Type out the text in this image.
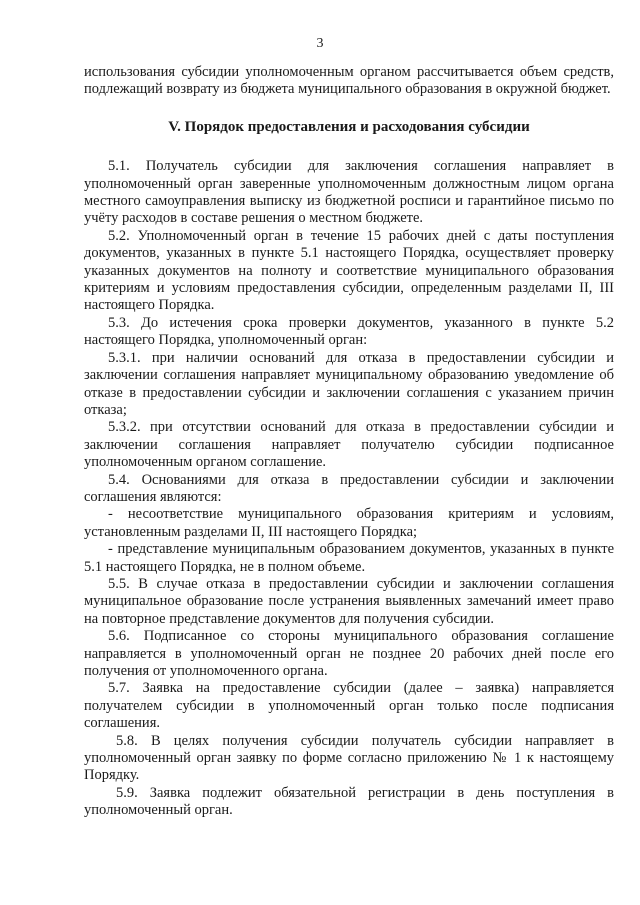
3

использования субсидии уполномоченным органом рассчитывается объем средств, подлежащий возврату из бюджета муниципального образования в окружной бюджет.

V. Порядок предоставления и расходования субсидии

5.1. Получатель субсидии для заключения соглашения направляет в уполномоченный орган заверенные уполномоченным должностным лицом органа местного самоуправления выписку из бюджетной росписи и гарантийное письмо по учёту расходов в составе решения о местном бюджете.

5.2. Уполномоченный орган в течение 15 рабочих дней с даты поступления документов, указанных в пункте 5.1 настоящего Порядка, осуществляет проверку указанных документов на полноту и соответствие муниципального образования критериям и условиям предоставления субсидии, определенным разделами II, III настоящего Порядка.

5.3. До истечения срока проверки документов, указанного в пункте 5.2 настоящего Порядка, уполномоченный орган:

5.3.1. при наличии оснований для отказа в предоставлении субсидии и заключении соглашения направляет муниципальному образованию уведомление об отказе в предоставлении субсидии и заключении соглашения с указанием причин отказа;

5.3.2. при отсутствии оснований для отказа в предоставлении субсидии и заключении соглашения направляет получателю субсидии подписанное уполномоченным органом соглашение.

5.4. Основаниями для отказа в предоставлении субсидии и заключении соглашения являются:

- несоответствие муниципального образования критериям и условиям, установленным разделами II, III настоящего Порядка;

- представление муниципальным образованием документов, указанных в пункте 5.1 настоящего Порядка, не в полном объеме.

5.5. В случае отказа в предоставлении субсидии и заключении соглашения муниципальное образование после устранения выявленных замечаний имеет право на повторное представление документов для получения субсидии.

5.6. Подписанное со стороны муниципального образования соглашение направляется в уполномоченный орган не позднее 20 рабочих дней после его получения от уполномоченного органа.

5.7. Заявка на предоставление субсидии (далее – заявка) направляется получателем субсидии в уполномоченный орган только после подписания соглашения.

5.8. В целях получения субсидии получатель субсидии направляет в уполномоченный орган заявку по форме согласно приложению № 1 к настоящему Порядку.

5.9. Заявка подлежит обязательной регистрации в день поступления в уполномоченный орган.
